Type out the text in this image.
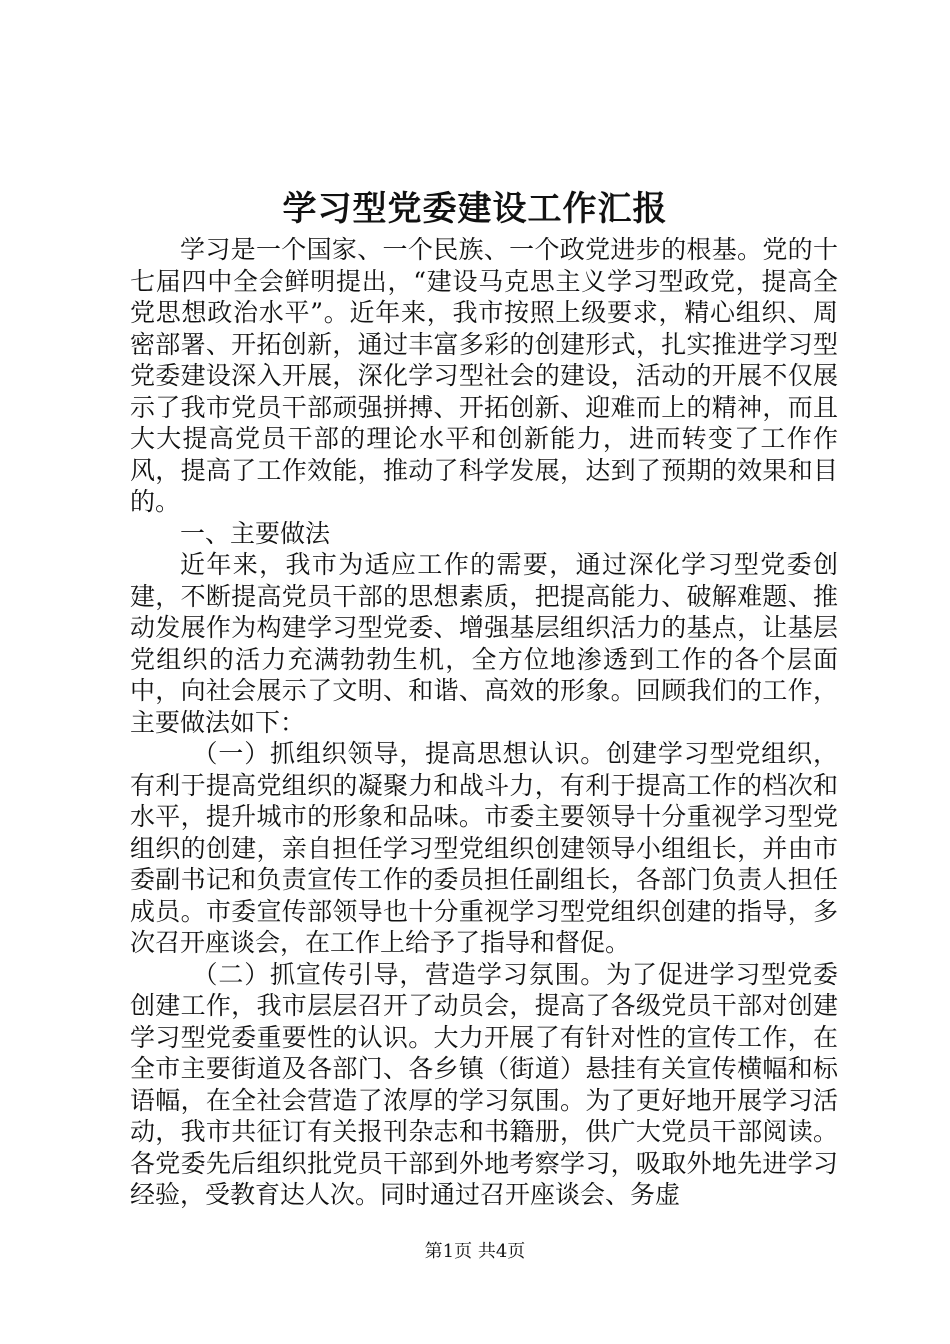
学习型党委建设工作汇报

学习是一个国家、一个民族、一个政党进步的根基。党的十七届四中全会鲜明提出，“建设马克思主义学习型政党，提高全党思想政治水平”。近年来，我市按照上级要求，精心组织、周密部署、开拓创新，通过丰富多彩的创建形式，扎实推进学习型党委建设深入开展，深化学习型社会的建设，活动的开展不仅展示了我市党员干部顽强拼搏、开拓创新、迎难而上的精神，而且大大提高党员干部的理论水平和创新能力，进而转变了工作作风，提高了工作效能，推动了科学发展，达到了预期的效果和目的。

一、主要做法

近年来，我市为适应工作的需要，通过深化学习型党委创建，不断提高党员干部的思想素质，把提高能力、破解难题、推动发展作为构建学习型党委、增强基层组织活力的基点，让基层党组织的活力充满勃勃生机，全方位地渗透到工作的各个层面中，向社会展示了文明、和谐、高效的形象。回顾我们的工作，主要做法如下：

（一）抓组织领导，提高思想认识。创建学习型党组织，有利于提高党组织的凝聚力和战斗力，有利于提高工作的档次和水平，提升城市的形象和品味。市委主要领导十分重视学习型党组织的创建，亲自担任学习型党组织创建领导小组组长，并由市委副书记和负责宣传工作的委员担任副组长，各部门负责人担任成员。市委宣传部领导也十分重视学习型党组织创建的指导，多次召开座谈会，在工作上给予了指导和督促。

（二）抓宣传引导，营造学习氛围。为了促进学习型党委创建工作，我市层层召开了动员会，提高了各级党员干部对创建学习型党委重要性的认识。大力开展了有针对性的宣传工作，在全市主要街道及各部门、各乡镇（街道）悬挂有关宣传横幅和标语幅，在全社会营造了浓厚的学习氛围。为了更好地开展学习活动，我市共征订有关报刊杂志和书籍册，供广大党员干部阅读。各党委先后组织批党员干部到外地考察学习，吸取外地先进学习经验，受教育达人次。同时通过召开座谈会、务虚

第1页 共4页
